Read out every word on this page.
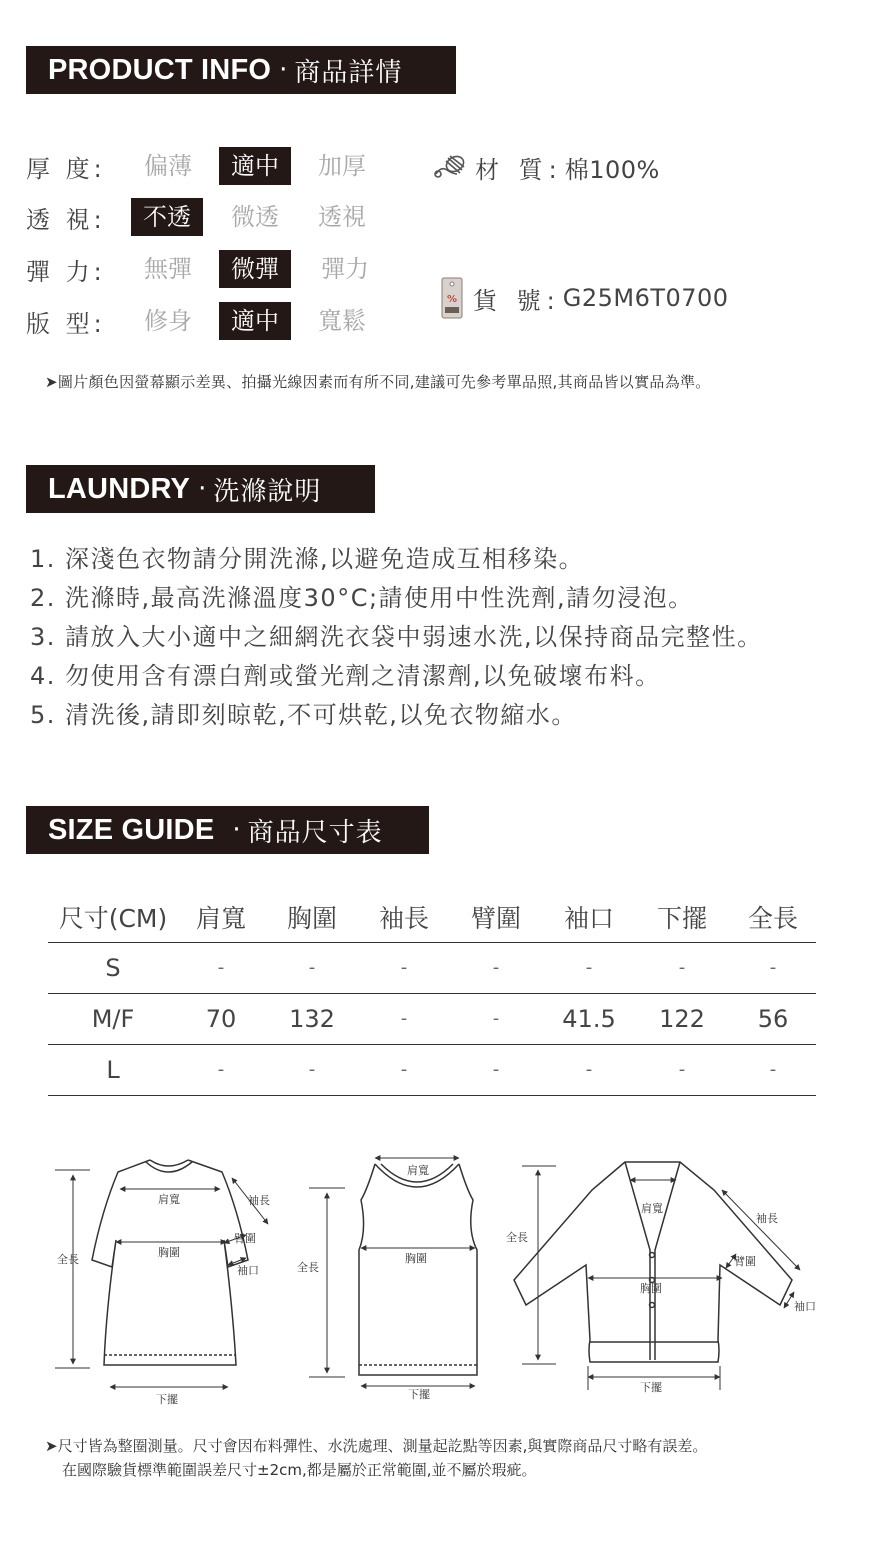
PRODUCT INFO · 商品詳情
厚 度:	偏薄	適中	加厚
透 視:	不透	微透 透視
彈 力:	無彈	微彈	彈力
版 型:	修身	適中	寬鬆
材 質: 棉100%
% 貨 號: G25M6T0700
➤圖片顏色因螢幕顯示差異、拍攝光線因素而有所不同,建議可先參考單品照,其商品皆以實品為準。
LAUNDRY · 洗滌說明
1. 深淺色衣物請分開洗滌,以避免造成互相移染。
2. 洗滌時,最高洗滌溫度30°C;請使用中性洗劑,請勿浸泡。
3. 請放入大小適中之細網洗衣袋中弱速水洗,以保持商品完整性。
4. 勿使用含有漂白劑或螢光劑之清潔劑,以免破壞布料。
5. 清洗後,請即刻晾乾,不可烘乾,以免衣物縮水。
SIZE GUIDE · 商品尺寸表
尺寸(CM)	肩寬	胸圍	袖長	臂圍	袖口	下擺	全長
S	-	-	-	-	-	-	-
M/F	70	132	-	-	41.5	122	56
L	-	-	-	-	-	-	-
全長
肩寬
胸圍
袖長
臂圍
袖口
下擺
肩寬
胸圍
全長
下擺
肩寬
胸圍
袖長
臂圍
袖口
全長
下擺
➤尺寸皆為整圈測量。尺寸會因布料彈性、水洗處理、測量起訖點等因素,與實際商品尺寸略有誤差。
在國際驗貨標準範圍誤差尺寸±2cm,都是屬於正常範圍,並不屬於瑕疵。
